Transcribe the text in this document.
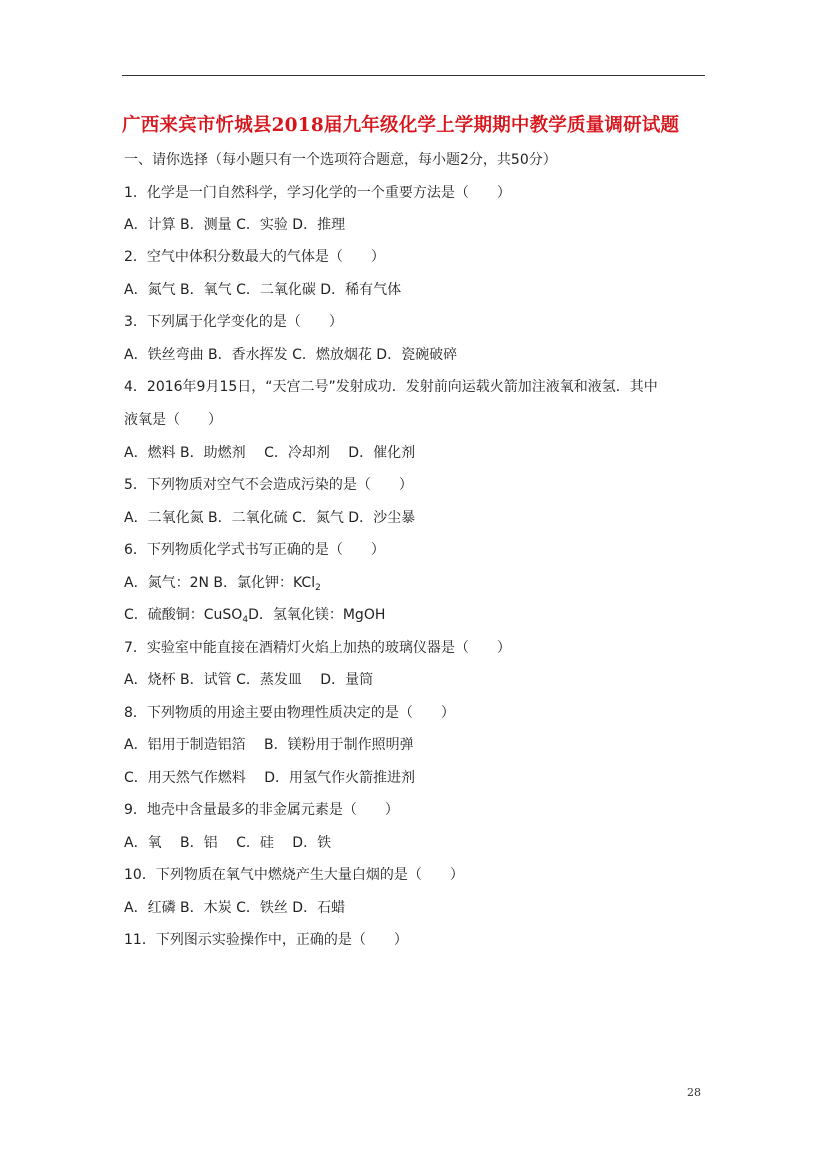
广西来宾市忻城县2018届九年级化学上学期期中教学质量调研试题
一、请你选择（每小题只有一个选项符合题意，每小题2分，共50分）
1．化学是一门自然科学，学习化学的一个重要方法是（　　）
A．计算 B．测量 C．实验 D．推理
2．空气中体积分数最大的气体是（　　）
A．氮气 B．氧气 C．二氧化碳 D．稀有气体
3．下列属于化学变化的是（　　）
A．铁丝弯曲 B．香水挥发 C．燃放烟花 D．瓷碗破碎
4．2016年9月15日，“天宫二号”发射成功．发射前向运载火箭加注液氧和液氢．其中
液氧是（　　）
A．燃料 B．助燃剂　 C．冷却剂　 D．催化剂
5．下列物质对空气不会造成污染的是（　　）
A．二氧化氮 B．二氧化硫 C．氮气 D．沙尘暴
6．下列物质化学式书写正确的是（　　）
A．氮气：2N B．氯化钾：KCl$_2$
C．硫酸铜：CuSO$_4$D．氢氧化镁：MgOH
7．实验室中能直接在酒精灯火焰上加热的玻璃仪器是（　　）
A．烧杯 B．试管 C．蒸发皿　 D．量筒
8．下列物质的用途主要由物理性质决定的是（　　）
A．铝用于制造铝箔　 B．镁粉用于制作照明弹
C．用天然气作燃料　 D．用氢气作火箭推进剂
9．地壳中含量最多的非金属元素是（　　）
A．氧　 B．铝　 C．硅　 D．铁
10．下列物质在氧气中燃烧产生大量白烟的是（　　）
A．红磷 B．木炭 C．铁丝 D．石蜡
11．下列图示实验操作中，正确的是（　　）
28
